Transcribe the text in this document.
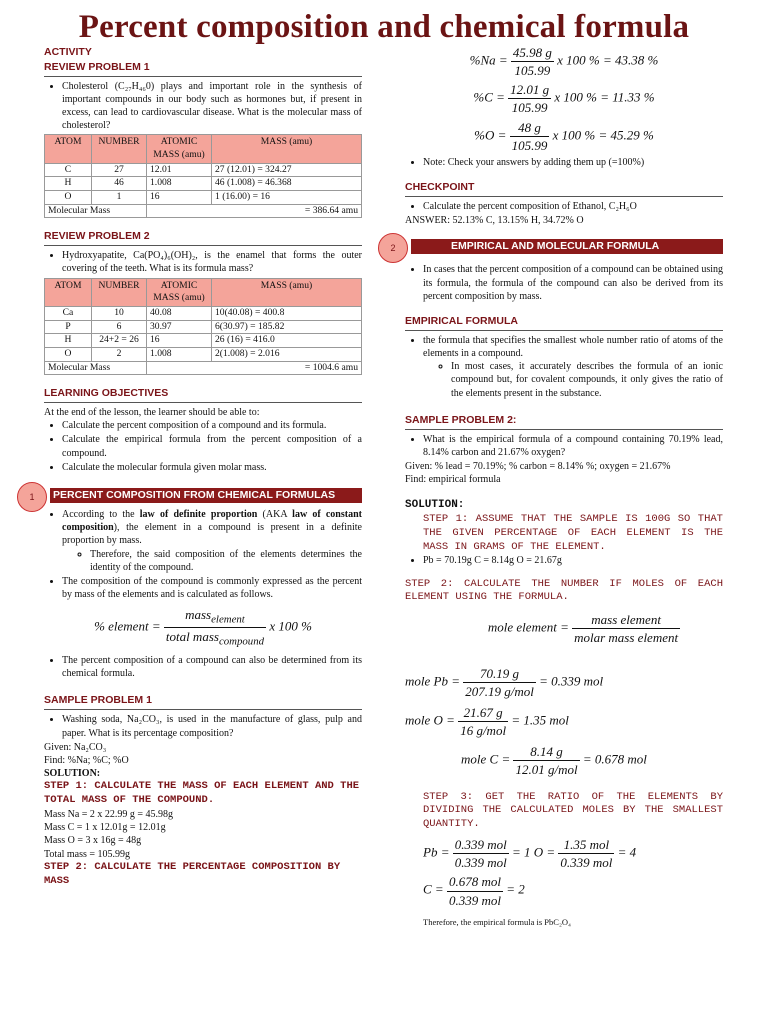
Percent composition and chemical formula
ACTIVITY
REVIEW PROBLEM 1
• Cholesterol (C₂₇H₄₆0) plays and important role in the synthesis of important compounds in our body such as hormones but, if present in excess, can lead to cardiovascular disease. What is the molecular mass of cholesterol?
ATOM	NUMBER	ATOMIC MASS (amu)	MASS (amu)
C	27	12.01	27 (12.01) = 324.27
H	46	1.008	46 (1.008) = 46.368
O	1	16	1 (16.00) = 16
Molecular Mass		= 386.64 amu	
REVIEW PROBLEM 2
• Hydroxyapatite, Ca(PO₄)₆(OH)₂, is the enamel that forms the outer covering of the teeth. What is its formula mass?
ATOM	NUMBER	ATOMIC MASS (amu)	MASS (amu)
Ca	10	40.08	10(40.08) = 400.8
P	6	30.97	6(30.97) = 185.82
H	24+2 = 26	16	26 (16) = 416.0
O	2	1.008	2(1.008) = 2.016
Molecular Mass		= 1004.6 amu	
LEARNING OBJECTIVES

At the end of the lesson, the learner should be able to:

• Calculate the percent composition of a compound and its formula.
• Calculate the empirical formula from the percent composition of a compound.
• Calculate the molecular formula given molar mass.
1	PERCENT COMPOSITION FROM CHEMICAL FORMULAS
• According to the law of definite proportion (AKA law of constant composition), the element in a compound is present in a definite proportion by mass.
◦ Therefore, the said composition of the elements determines the identity of the compound.
• The composition of the compound is commonly expressed as the percent by mass of the elements and is calculated as follows.
% element = $\frac{mass_{element}}{total mass_{compound}}$ x 100 %
• The percent composition of a compound can also be determined from its chemical formula.
SAMPLE PROBLEM 1
• Washing soda, Na₂CO₃, is used in the manufacture of glass, pulp and paper. What is its percentage composition?

Given: Na₂CO₃

Find: %Na; %C; %O

SOLUTION:

STEP 1: CALCULATE THE MASS OF EACH ELEMENT AND THE TOTAL MASS OF THE COMPOUND.

Mass Na = 2 x 22.99 g = 45.98g

Mass C = 1 x 12.01g = 12.01g

Mass O = 3 x 16g = 48g

Total mass = 105.99g

STEP 2: CALCULATE THE PERCENTAGE COMPOSITION BY MASS

$\%Na = \frac{45.98 g}{105.99}$ x 100 % = 43.38 %
$\%C = \frac{12.01 g}{105.99}$ x 100 % = 11.33 %
$\%O = \frac{48 g}{105.99}$ x 100 % = 45.29 %
• Note: Check your answers by adding them up (=100%)
CHECKPOINT
• Calculate the percent composition of Ethanol, C₂H₆O

ANSWER: 52.13% C, 13.15% H, 34.72% O

2	EMPIRICAL AND MOLECULAR FORMULA
• In cases that the percent composition of a compound can be obtained using its formula, the formula of the compound can also be derived from its percent composition by mass.
EMPIRICAL FORMULA
• the formula that specifies the smallest whole number ratio of atoms of the elements in a compound.
◦ In most cases, it accurately describes the formula of an ionic compound but, for covalent compounds, it only gives the ratio of the elements present in the substance.
SAMPLE PROBLEM 2:
• What is the empirical formula of a compound containing 70.19% lead, 8.14% carbon and 21.67% oxygen?

Given: % lead = 70.19%; % carbon = 8.14% %; oxygen = 21.67%

Find: empirical formula

SOLUTION:

STEP 1: ASSUME THAT THE SAMPLE IS 100G SO THAT THE GIVEN PERCENTAGE OF EACH ELEMENT IS THE MASS IN GRAMS OF THE ELEMENT.

• Pb = 70.19g C = 8.14g O = 21.67g

STEP 2: CALCULATE THE NUMBER IF MOLES OF EACH ELEMENT USING THE FORMULA.

mole element = $\frac{\text{mass element}}{\text{molar mass element}}$
mole $Pb = \frac{70.19 g}{\text{207.19 g/mol}} = 0.339$ mol
mole $O = \frac{21.67 g}{\text{16 g/mol}} = 1.35$ mol
mole $C = \frac{8.14 g}{\text{12.01 g/mol}} = 0.678$ mol

STEP 3: GET THE RATIO OF THE ELEMENTS BY DIVIDING THE CALCULATED MOLES BY THE SMALLEST QUANTITY.

$Pb = \frac{\text{0.339 mol}}{\text{0.339 mol}} = 1$ $O = \frac{\text{1.35 mol}}{\text{0.339 mol}} = 4$
$C = \frac{\text{0.678 mol}}{\text{0.339 mol}} = 2$

Therefore, the empirical formula is PbC₂O₄
